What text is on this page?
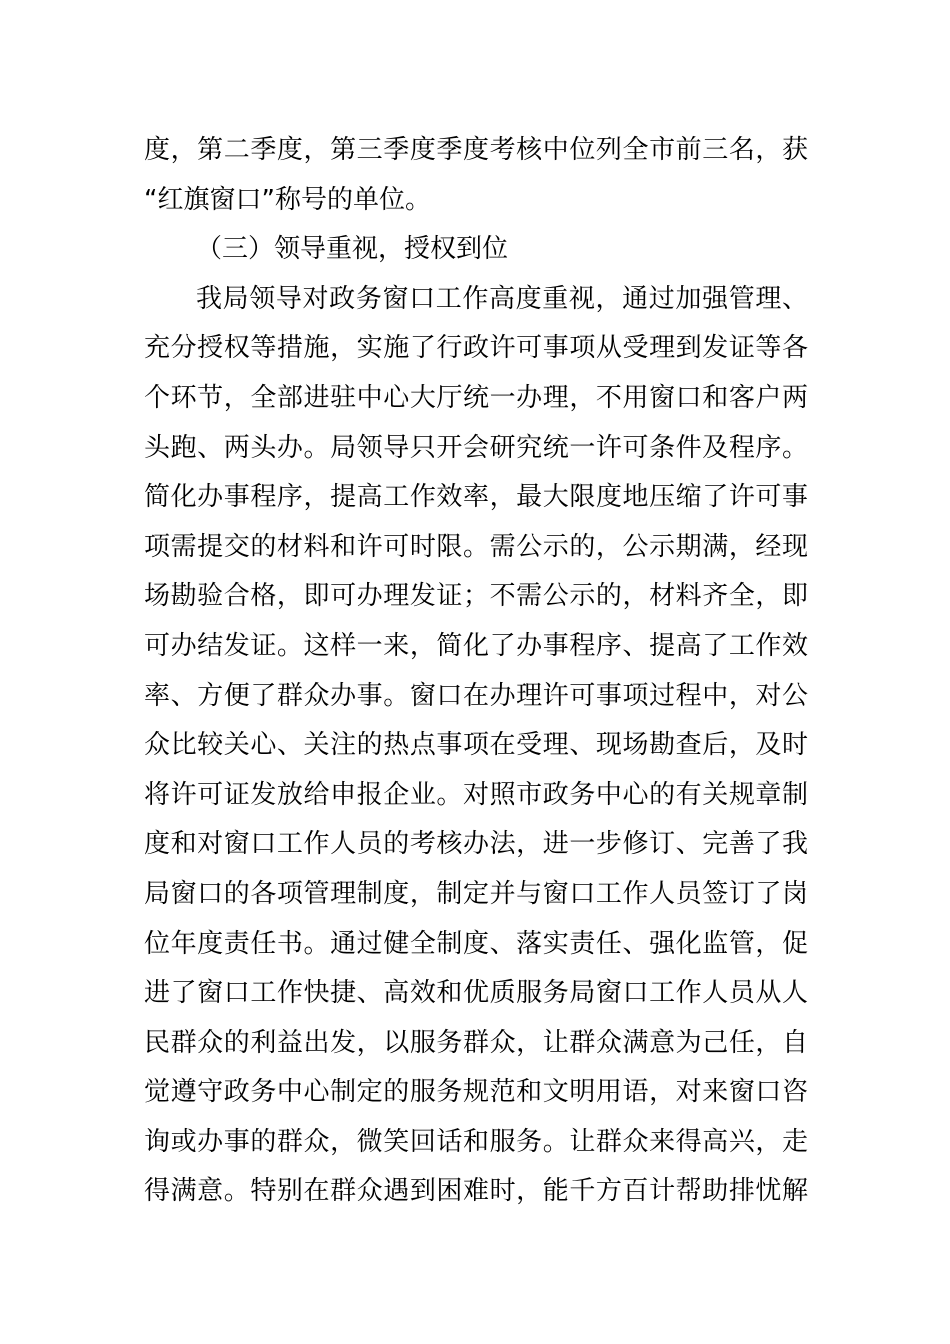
度，第二季度，第三季度季度考核中位列全市前三名，获
“红旗窗口”称号的单位。
（三）领导重视，授权到位
我局领导对政务窗口工作高度重视，通过加强管理、
充分授权等措施，实施了行政许可事项从受理到发证等各
个环节，全部进驻中心大厅统一办理，不用窗口和客户两
头跑、两头办。局领导只开会研究统一许可条件及程序。
简化办事程序，提高工作效率，最大限度地压缩了许可事
项需提交的材料和许可时限。需公示的，公示期满，经现
场勘验合格，即可办理发证；不需公示的，材料齐全，即
可办结发证。这样一来，简化了办事程序、提高了工作效
率、方便了群众办事。窗口在办理许可事项过程中，对公
众比较关心、关注的热点事项在受理、现场勘查后，及时
将许可证发放给申报企业。对照市政务中心的有关规章制
度和对窗口工作人员的考核办法，进一步修订、完善了我
局窗口的各项管理制度，制定并与窗口工作人员签订了岗
位年度责任书。通过健全制度、落实责任、强化监管，促
进了窗口工作快捷、高效和优质服务局窗口工作人员从人
民群众的利益出发，以服务群众，让群众满意为己任，自
觉遵守政务中心制定的服务规范和文明用语，对来窗口咨
询或办事的群众，微笑回话和服务。让群众来得高兴，走
得满意。特别在群众遇到困难时，能千方百计帮助排忧解
